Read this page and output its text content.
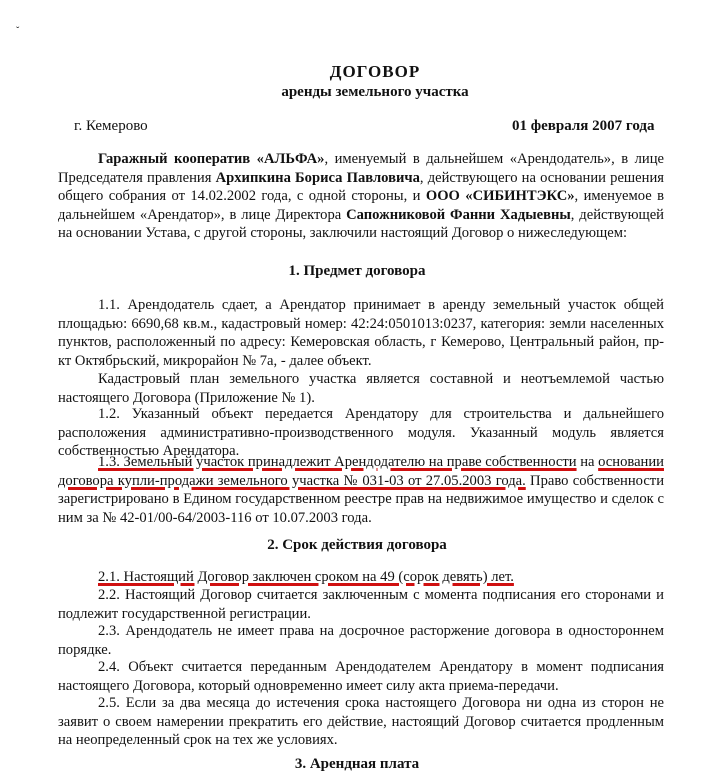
ˇ
ДОГОВОР
аренды земельного участка
г. Кемерово	01 февраля 2007 года

Гаражный кооператив «АЛЬФА», именуемый в дальнейшем «Арендодатель», в лице Председателя правления Архипкина Бориса Павловича, действующего на основании решения общего собрания от 14.02.2002 года, с одной стороны, и ООО «СИБИНТЭКС», именуемое в дальнейшем «Арендатор», в лице Директора Сапожниковой Фанни Хадыевны, действующей на основании Устава, с другой стороны, заключили настоящий Договор о нижеследующем:

1. Предмет договора

1.1. Арендодатель сдает, а Арендатор принимает в аренду земельный участок общей площадью: 6690,68 кв.м., кадастровый номер: 42:24:0501013:0237, категория: земли населенных пунктов, расположенный по адресу: Кемеровская область, г Кемерово, Центральный район, пр-кт Октябрьский, микрорайон № 7а, - далее объект.

Кадастровый план земельного участка является составной и неотъемлемой частью настоящего Договора (Приложение № 1).

1.2. Указанный объект передается Арендатору для строительства и дальнейшего расположения административно-производственного модуля. Указанный модуль является собственностью Арендатора.

1.3. Земельный участок принадлежит Арендодателю на праве собственности на основании договора купли-продажи земельного участка № 031-03 от 27.05.2003 года. Право собственности зарегистрировано в Едином государственном реестре прав на недвижимое имущество и сделок с ним за № 42-01/00-64/2003-116 от 10.07.2003 года.

2. Срок действия договора

2.1. Настоящий Договор заключен сроком на 49 (сорок девять) лет.

2.2. Настоящий Договор считается заключенным с момента подписания его сторонами и подлежит государственной регистрации.

2.3. Арендодатель не имеет права на досрочное расторжение договора в одностороннем порядке.

2.4. Объект считается переданным Арендодателем Арендатору в момент подписания настоящего Договора, который одновременно имеет силу акта приема-передачи.

2.5. Если за два месяца до истечения срока настоящего Договора ни одна из сторон не заявит о своем намерении прекратить его действие, настоящий Договор считается продленным на неопределенный срок на тех же условиях.

3. Арендная плата
